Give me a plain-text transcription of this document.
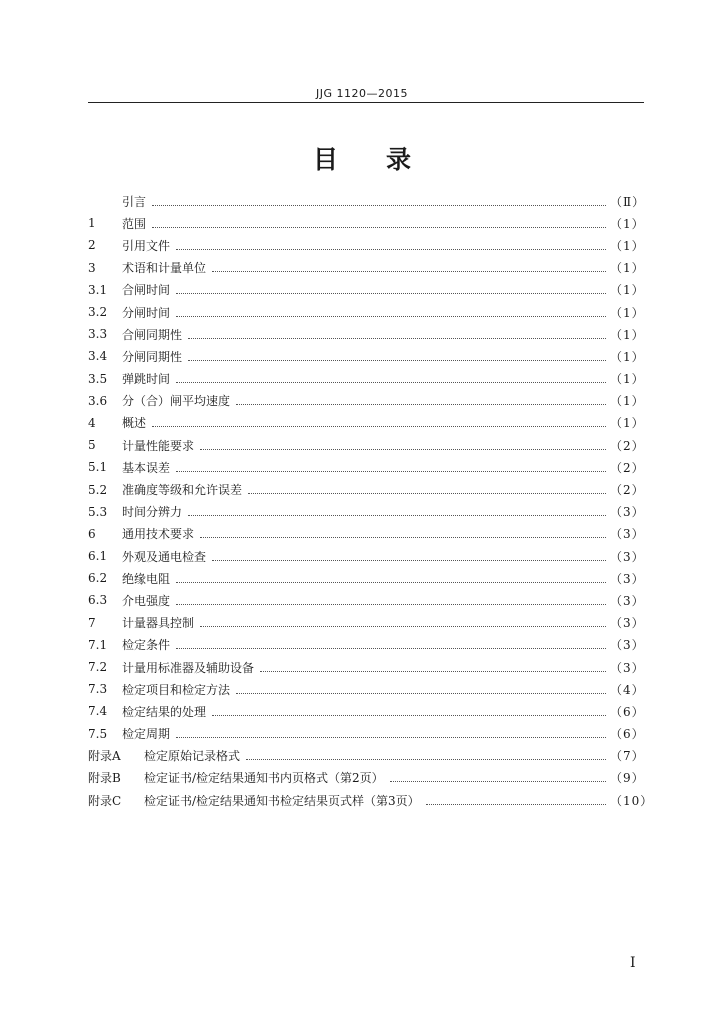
JJG 1120—2015
目 录
引言	（Ⅱ）
1	范围	（1）
2	引用文件	（1）
3	术语和计量单位	（1）
3.1	合闸时间	（1）
3.2	分闸时间	（1）
3.3	合闸同期性	（1）
3.4	分闸同期性	（1）
3.5	弹跳时间	（1）
3.6	分（合）闸平均速度	（1）
4	概述	（1）
5	计量性能要求	（2）
5.1	基本误差	（2）
5.2	准确度等级和允许误差	（2）
5.3	时间分辨力	（3）
6	通用技术要求	（3）
6.1	外观及通电检查	（3）
6.2	绝缘电阻	（3）
6.3	介电强度	（3）
7	计量器具控制	（3）
7.1	检定条件	（3）
7.2	计量用标准器及辅助设备	（3）
7.3	检定项目和检定方法	（4）
7.4	检定结果的处理	（6）
7.5	检定周期	（6）
附录A	检定原始记录格式	（7）
附录B	检定证书/检定结果通知书内页格式（第2页）	（9）
附录C	检定证书/检定结果通知书检定结果页式样（第3页）	（10）
I
